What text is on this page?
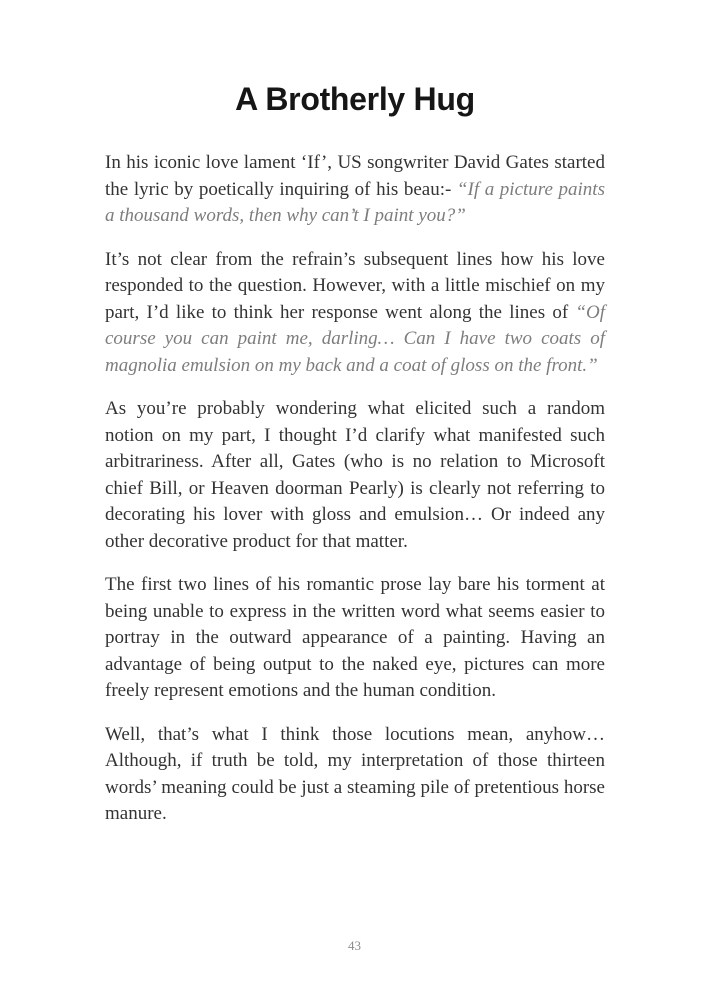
A Brotherly Hug

In his iconic love lament ‘If’, US songwriter David Gates started the lyric by poetically inquiring of his beau:- “If a picture paints a thousand words, then why can’t I paint you?”

It’s not clear from the refrain’s subsequent lines how his love responded to the question. However, with a little mischief on my part, I’d like to think her response went along the lines of “Of course you can paint me, darling… Can I have two coats of magnolia emulsion on my back and a coat of gloss on the front.”

As you’re probably wondering what elicited such a random notion on my part, I thought I’d clarify what manifested such arbitrariness. After all, Gates (who is no relation to Microsoft chief Bill, or Heaven doorman Pearly) is clearly not referring to decorating his lover with gloss and emulsion… Or indeed any other decorative product for that matter.

The first two lines of his romantic prose lay bare his torment at being unable to express in the written word what seems easier to portray in the outward appearance of a painting. Having an advantage of being output to the naked eye, pictures can more freely represent emotions and the human condition.

Well, that’s what I think those locutions mean, anyhow… Although, if truth be told, my interpretation of those thirteen words’ meaning could be just a steaming pile of pretentious horse manure.

43
